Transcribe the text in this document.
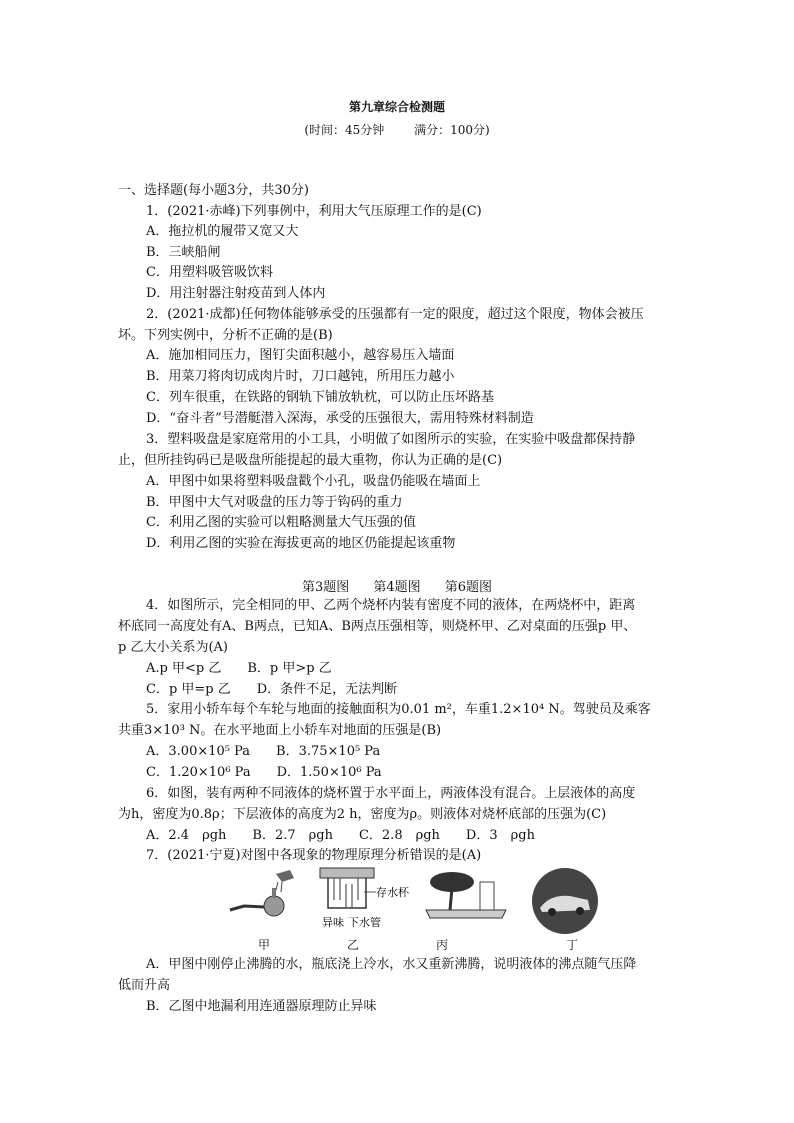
第九章综合检测题
(时间：45分钟 满分：100分)
一、选择题(每小题3分，共30分)
1．(2021·赤峰)下列事例中，利用大气压原理工作的是(C)
A．拖拉机的履带又宽又大
B．三峡船闸
C．用塑料吸管吸饮料
D．用注射器注射疫苗到人体内
2．(2021·成都)任何物体能够承受的压强都有一定的限度，超过这个限度，物体会被压
坏。下列实例中，分析不正确的是(B)
A．施加相同压力，图钉尖面积越小，越容易压入墙面
B．用菜刀将肉切成肉片时，刀口越钝，所用压力越小
C．列车很重，在铁路的钢轨下铺放轨枕，可以防止压坏路基
D．“奋斗者”号潜艇潜入深海，承受的压强很大，需用特殊材料制造
3．塑料吸盘是家庭常用的小工具，小明做了如图所示的实验，在实验中吸盘都保持静
止，但所挂钩码已是吸盘所能提起的最大重物，你认为正确的是(C)
A．甲图中如果将塑料吸盘戳个小孔，吸盘仍能吸在墙面上
B．甲图中大气对吸盘的压力等于钩码的重力
C．利用乙图的实验可以粗略测量大气压强的值
D．利用乙图的实验在海拔更高的地区仍能提起该重物
第3题图 第4题图 第6题图
4．如图所示，完全相同的甲、乙两个烧杯内装有密度不同的液体，在两烧杯中，距离
杯底同一高度处有A、B两点，已知A、B两点压强相等，则烧杯甲、乙对桌面的压强p 甲、
p 乙大小关系为(A)
A.p 甲<p 乙　　B．p 甲>p 乙
C．p 甲=p 乙　　D．条件不足，无法判断
5．家用小轿车每个车轮与地面的接触面积为0.01 m²，车重1.2×10⁴ N。驾驶员及乘客
共重3×10³ N。在水平地面上小轿车对地面的压强是(B)
A．3.00×10⁵ Pa　　B．3.75×10⁵ Pa
C．1.20×10⁶ Pa　　D．1.50×10⁶ Pa
6．如图，装有两种不同液体的烧杯置于水平面上，两液体没有混合。上层液体的高度
为h，密度为0.8ρ；下层液体的高度为2 h，密度为ρ。则液体对烧杯底部的压强为(C)
A．2.4　ρgh　　B．2.7　ρgh　　C．2.8　ρgh　　D．3　ρgh
7．(2021·宁夏)对图中各现象的物理原理分析错误的是(A)
存水杯
异味 下水管
甲	乙	丙	丁
A．甲图中刚停止沸腾的水，瓶底浇上冷水，水又重新沸腾，说明液体的沸点随气压降
低而升高
B．乙图中地漏利用连通器原理防止异味
